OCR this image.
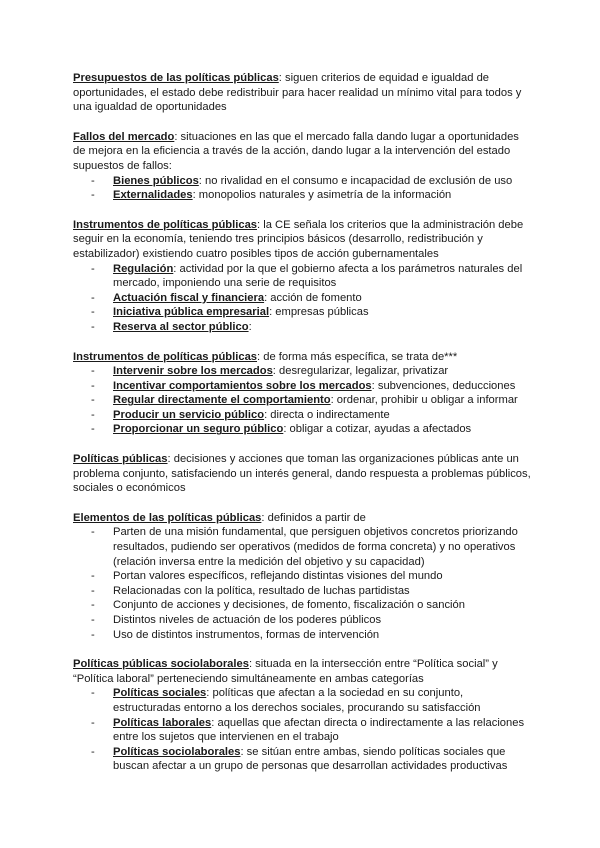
Presupuestos de las políticas públicas: siguen criterios de equidad e igualdad de oportunidades, el estado debe redistribuir para hacer realidad un mínimo vital para todos y una igualdad de oportunidades

Fallos del mercado: situaciones en las que el mercado falla dando lugar a oportunidades de mejora en la eficiencia a través de la acción, dando lugar a la intervención del estado supuestos de fallos:

- Bienes públicos: no rivalidad en el consumo e incapacidad de exclusión de uso
- Externalidades: monopolios naturales y asimetría de la información

Instrumentos de políticas públicas: la CE señala los criterios que la administración debe seguir en la economía, teniendo tres principios básicos (desarrollo, redistribución y estabilizador) existiendo cuatro posibles tipos de acción gubernamentales

- Regulación: actividad por la que el gobierno afecta a los parámetros naturales del mercado, imponiendo una serie de requisitos
- Actuación fiscal y financiera: acción de fomento
- Iniciativa pública empresarial: empresas públicas
- Reserva al sector público:

Instrumentos de políticas públicas: de forma más específica, se trata de***

- Intervenir sobre los mercados: desregularizar, legalizar, privatizar
- Incentivar comportamientos sobre los mercados: subvenciones, deducciones
- Regular directamente el comportamiento: ordenar, prohibir u obligar a informar
- Producir un servicio público: directa o indirectamente
- Proporcionar un seguro público: obligar a cotizar, ayudas a afectados

Políticas públicas: decisiones y acciones que toman las organizaciones públicas ante un problema conjunto, satisfaciendo un interés general, dando respuesta a problemas públicos, sociales o económicos

Elementos de las políticas públicas: definidos a partir de

- Parten de una misión fundamental, que persiguen objetivos concretos priorizando resultados, pudiendo ser operativos (medidos de forma concreta) y no operativos (relación inversa entre la medición del objetivo y su capacidad)
- Portan valores específicos, reflejando distintas visiones del mundo
- Relacionadas con la política, resultado de luchas partidistas
- Conjunto de acciones y decisiones, de fomento, fiscalización o sanción
- Distintos niveles de actuación de los poderes públicos
- Uso de distintos instrumentos, formas de intervención

Políticas públicas sociolaborales: situada en la intersección entre “Política social” y “Política laboral” perteneciendo simultáneamente en ambas categorías

- Políticas sociales: políticas que afectan a la sociedad en su conjunto, estructuradas entorno a los derechos sociales, procurando su satisfacción
- Políticas laborales: aquellas que afectan directa o indirectamente a las relaciones entre los sujetos que intervienen en el trabajo
- Políticas sociolaborales: se sitúan entre ambas, siendo políticas sociales que buscan afectar a un grupo de personas que desarrollan actividades productivas
